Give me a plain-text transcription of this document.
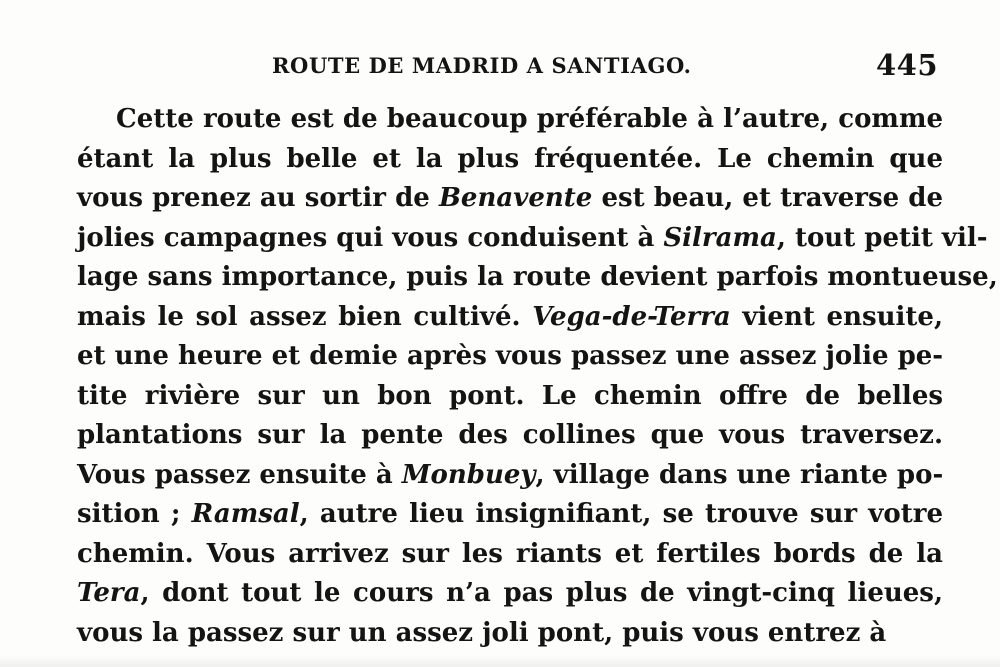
ROUTE DE MADRID A SANTIAGO.	445
Cette route est de beaucoup préférable à l’autre, comme
étant la plus belle et la plus fréquentée. Le chemin que
vous prenez au sortir de Benavente est beau, et traverse de
jolies campagnes qui vous conduisent à Silrama, tout petit vil-
lage sans importance, puis la route devient parfois montueuse,
mais le sol assez bien cultivé. Vega-de-Terra vient ensuite,
et une heure et demie après vous passez une assez jolie pe-
tite rivière sur un bon pont. Le chemin offre de belles
plantations sur la pente des collines que vous traversez.
Vous passez ensuite à Monbuey, village dans une riante po-
sition ; Ramsal, autre lieu insignifiant, se trouve sur votre
chemin. Vous arrivez sur les riants et fertiles bords de la
Tera, dont tout le cours n’a pas plus de vingt-cinq lieues,
vous la passez sur un assez joli pont, puis vous entrez à
